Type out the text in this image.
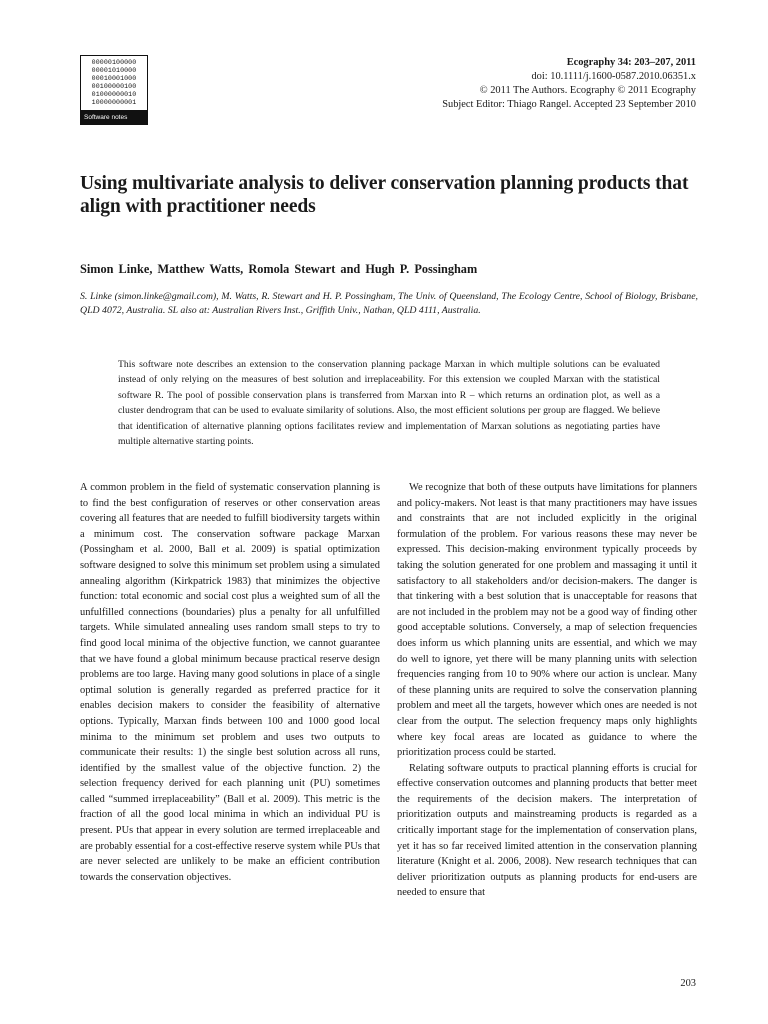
00000100000
00001010000
00010001000
00100000100
01000000010
10000000001
Software notes
Ecography 34: 203–207, 2011
doi: 10.1111/j.1600-0587.2010.06351.x
© 2011 The Authors. Ecography © 2011 Ecography
Subject Editor: Thiago Rangel. Accepted 23 September 2010
Using multivariate analysis to deliver conservation planning products that align with practitioner needs

Simon Linke, Matthew Watts, Romola Stewart and Hugh P. Possingham

S. Linke (simon.linke@gmail.com), M. Watts, R. Stewart and H. P. Possingham, The Univ. of Queensland, The Ecology Centre, School of Biology, Brisbane, QLD 4072, Australia. SL also at: Australian Rivers Inst., Griffith Univ., Nathan, QLD 4111, Australia.

This software note describes an extension to the conservation planning package Marxan in which multiple solutions can be evaluated instead of only relying on the measures of best solution and irreplaceability. For this extension we coupled Marxan with the statistical software R. The pool of possible conservation plans is transferred from Marxan into R – which returns an ordination plot, as well as a cluster dendrogram that can be used to evaluate similarity of solutions. Also, the most efficient solutions per group are flagged. We believe that identification of alternative planning options facilitates review and implementation of Marxan solutions as negotiating parties have multiple alternative starting points.

A common problem in the field of systematic conservation planning is to find the best configuration of reserves or other conservation areas covering all features that are needed to fulfill biodiversity targets within a minimum cost. The conservation software package Marxan (Possingham et al. 2000, Ball et al. 2009) is spatial optimization software designed to solve this minimum set problem using a simulated annealing algorithm (Kirkpatrick 1983) that minimizes the objective function: total economic and social cost plus a weighted sum of all the unfulfilled connections (boundaries) plus a penalty for all unfulfilled targets. While simulated annealing uses random small steps to try to find good local minima of the objective function, we cannot guarantee that we have found a global minimum because practical reserve design problems are too large. Having many good solutions in place of a single optimal solution is generally regarded as preferred practice for it enables decision makers to consider the feasibility of alternative options. Typically, Marxan finds between 100 and 1000 good local minima to the minimum set problem and uses two outputs to communicate their results: 1) the single best solution across all runs, identified by the smallest value of the objective function. 2) the selection frequency derived for each planning unit (PU) sometimes called “summed irreplaceability” (Ball et al. 2009). This metric is the fraction of all the good local minima in which an individual PU is present. PUs that appear in every solution are termed irreplaceable and are probably essential for a cost-effective reserve system while PUs that are never selected are unlikely to be make an efficient contribution towards the conservation objectives.

We recognize that both of these outputs have limitations for planners and policy-makers. Not least is that many practitioners may have issues and constraints that are not included explicitly in the original formulation of the problem. For various reasons these may never be expressed. This decision-making environment typically proceeds by taking the solution generated for one problem and massaging it until it satisfactory to all stakeholders and/or decision-makers. The danger is that tinkering with a best solution that is unacceptable for reasons that are not included in the problem may not be a good way of finding other good acceptable solutions. Conversely, a map of selection frequencies does inform us which planning units are essential, and which we may do well to ignore, yet there will be many planning units with selection frequencies ranging from 10 to 90% where our action is unclear. Many of these planning units are required to solve the conservation planning problem and meet all the targets, however which ones are needed is not clear from the output. The selection frequency maps only highlights where key focal areas are located as guidance to where the prioritization process could be started.

Relating software outputs to practical planning efforts is crucial for effective conservation outcomes and planning products that better meet the requirements of the decision makers. The interpretation of prioritization outputs and mainstreaming products is regarded as a critically important stage for the implementation of conservation plans, yet it has so far received limited attention in the conservation planning literature (Knight et al. 2006, 2008). New research techniques that can deliver prioritization outputs as planning products for end-users are needed to ensure that

203
